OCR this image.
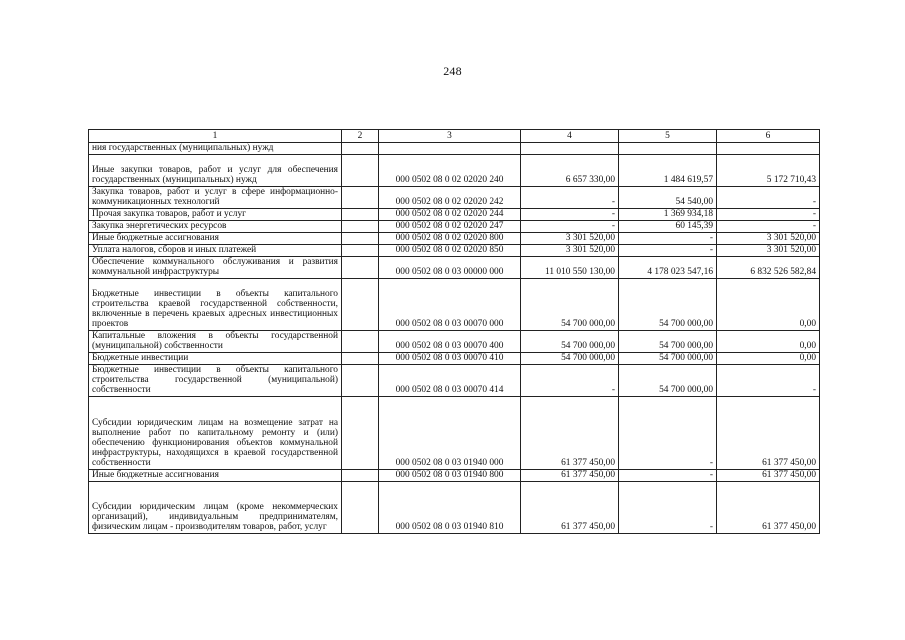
248
1	2	3	4	5	6
ния государственных (муниципальных) нужд					
Иные закупки товаров, работ и услуг для обеспечения государственных (муниципальных) нужд		000 0502 08 0 02 02020 240	6 657 330,00	1 484 619,57	5 172 710,43
Закупка товаров, работ и услуг в сфере информационно-коммуникационных технологий		000 0502 08 0 02 02020 242	-	54 540,00	-
Прочая закупка товаров, работ и услуг		000 0502 08 0 02 02020 244	-	1 369 934,18	-
Закупка энергетических ресурсов		000 0502 08 0 02 02020 247	-	60 145,39	-
Иные бюджетные ассигнования		000 0502 08 0 02 02020 800	3 301 520,00	-	3 301 520,00
Уплата налогов, сборов и иных платежей		000 0502 08 0 02 02020 850	3 301 520,00	-	3 301 520,00
Обеспечение коммунального обслуживания и развития коммунальной инфраструктуры		000 0502 08 0 03 00000 000	11 010 550 130,00	4 178 023 547,16	6 832 526 582,84
Бюджетные инвестиции в объекты капитального строительства краевой государственной собственности, включенные в перечень краевых адресных инвестиционных проектов		000 0502 08 0 03 00070 000	54 700 000,00	54 700 000,00	0,00
Капитальные вложения в объекты государственной (муниципальной) собственности		000 0502 08 0 03 00070 400	54 700 000,00	54 700 000,00	0,00
Бюджетные инвестиции		000 0502 08 0 03 00070 410	54 700 000,00	54 700 000,00	0,00
Бюджетные инвестиции в объекты капитального строительства государственной (муниципальной) собственности		000 0502 08 0 03 00070 414	-	54 700 000,00	-
Субсидии юридическим лицам на возмещение затрат на выполнение работ по капитальному ремонту и (или) обеспечению функционирования объектов коммунальной инфраструктуры, находящихся в краевой государственной собственности		000 0502 08 0 03 01940 000	61 377 450,00	-	61 377 450,00
Иные бюджетные ассигнования		000 0502 08 0 03 01940 800	61 377 450,00	-	61 377 450,00
Субсидии юридическим лицам (кроме некоммерческих организаций), индивидуальным предпринимателям, физическим лицам - производителям товаров, работ, услуг		000 0502 08 0 03 01940 810	61 377 450,00	-	61 377 450,00
